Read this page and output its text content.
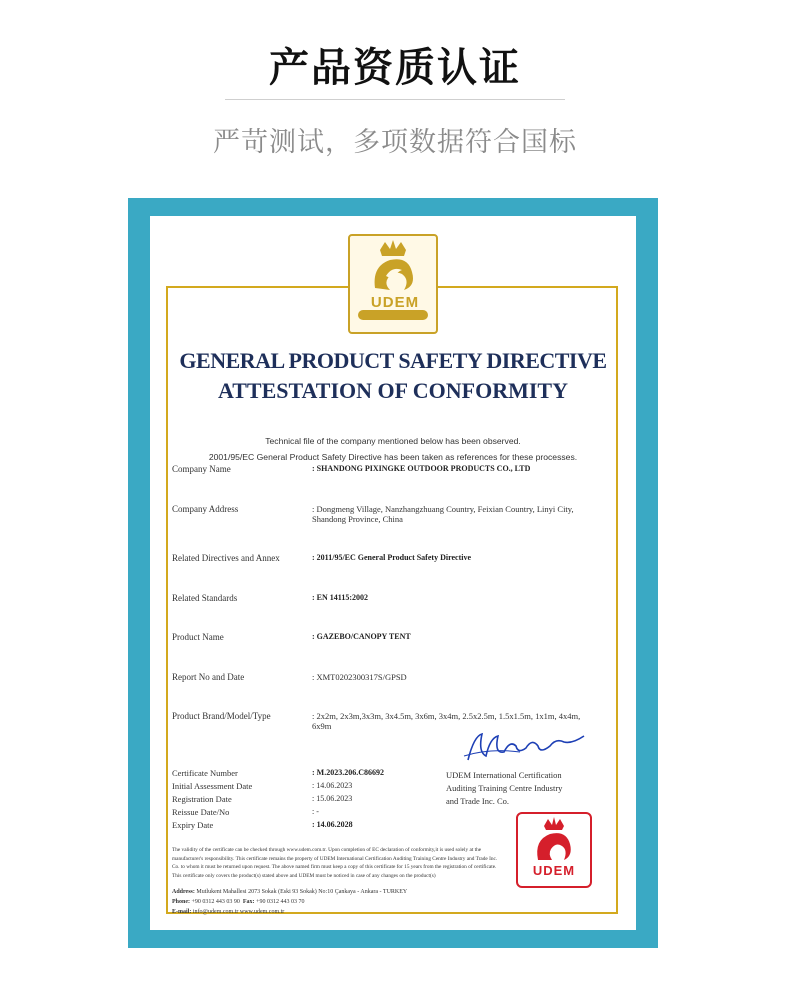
产品资质认证
严苛测试，多项数据符合国标
UDEM
GENERAL PRODUCT SAFETY DIRECTIVE
ATTESTATION OF CONFORMITY
Technical file of the company mentioned below has been observed.
2001/95/EC General Product Safety Directive has been taken as references for these processes.
Company Name	: SHANDONG PIXINGKE OUTDOOR PRODUCTS CO., LTD
Company Address	: Dongmeng Village, Nanzhangzhuang Country, Feixian Country, Linyi City, Shandong Province, China
Related Directives and Annex	: 2011/95/EC General Product Safety Directive
Related Standards	: EN 14115:2002
Product Name	: GAZEBO/CANOPY TENT
Report No and Date	: XMT0202300317S/GPSD
Product Brand/Model/Type	: 2x2m, 2x3m,3x3m, 3x4.5m, 3x6m, 3x4m, 2.5x2.5m, 1.5x1.5m, 1x1m, 4x4m, 6x9m
Certificate Number	: M.2023.206.C86692
Initial Assessment Date	: 14.06.2023
Registration Date	: 15.06.2023
Reissue Date/No	: -
Expiry Date	: 14.06.2028
UDEM International Certification
Auditing Training Centre Industry
and Trade Inc. Co.
The validity of the certificate can be checked through www.udem.com.tr. Upon completion of EC declaration of conformity,it is used solely at the manufacturer's responsibility. This certificate remains the property of UDEM International Certification Auditing Training Centre Industry and Trade Inc. Co. to whom it must be returned upon request. The above named firm must keep a copy of this certificate for 15 years from the registration of certificate. This certificate only covers the product(s) stated above and UDEM must be noticed in case of any changes on the product(s)
Address: Mutlukent Mahallesi 2073 Sokak (Eski 93 Sokak) No:10 Çankaya - Ankara - TURKEY
Phone: +90 0312 443 03 90 Fax: +90 0312 443 03 70
E-mail: info@udem.com.tr www.udem.com.tr
UDEM
